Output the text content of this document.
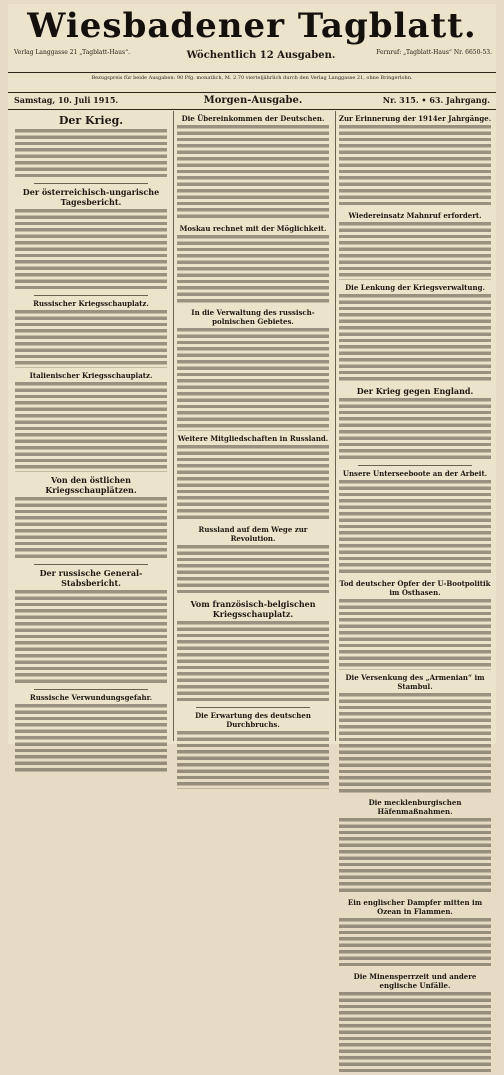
Wiesbadener Tagblatt.
Verlag Langgasse 21 „Tagblatt-Haus“.	Wöchentlich 12 Ausgaben.	Fernruf: „Tagblatt-Haus“ Nr. 6650-53.
Bezugspreis für beide Ausgaben: 90 Pfg. monatlich, M. 2.70 vierteljährlich durch den Verlag Langgasse 21, ohne Bringerlohn.
Samstag, 10. Juli 1915.	Morgen-Ausgabe.	Nr. 315. • 63. Jahrgang.
Der Krieg.
Der österreichisch-ungarische Tagesbericht.
Russischer Kriegsschauplatz.
Italienischer Kriegsschauplatz.
Von den östlichen Kriegsschauplätzen.
Der russische General-Stabsbericht.
Russische Verwundungsgefahr.
Die Übereinkommen der Deutschen.
Moskau rechnet mit der Möglichkeit.
In die Verwaltung des russisch-polnischen Gebietes.
Weitere Mitgliedschaften in Russland.
Russland auf dem Wege zur Revolution.
Vom französisch-belgischen Kriegsschauplatz.
Die Erwartung des deutschen Durchbruchs.
Zur Erinnerung der 1914er Jahrgänge.
Wiedereinsatz Mahnruf erfordert.
Die Lenkung der Kriegsverwaltung.
Der Krieg gegen England.
Unsere Unterseeboote an der Arbeit.
Tod deutscher Opfer der U-Bootpolitik im Osthasen.
Die Versenkung des „Armenian“ im Stambul.
Die mecklenburgischen Häfenmaßnahmen.
Ein englischer Dampfer mitten im Ozean in Flammen.
Die Minensperrzeit und andere englische Unfälle.
